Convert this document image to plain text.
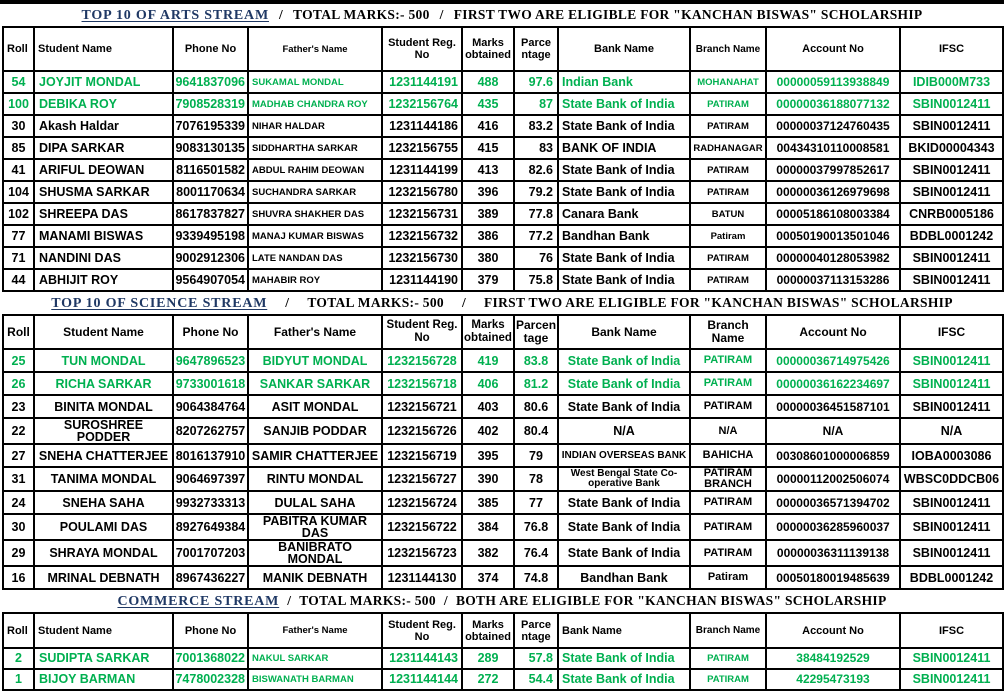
TOP 10 OF ARTS STREAM / TOTAL MARKS:- 500 / FIRST TWO ARE ELIGIBLE FOR "KANCHAN BISWAS" SCHOLARSHIP
Roll	Student Name	Phone No	Father's Name	Student Reg. No	Marks obtained	Parce ntage	Bank Name	Branch Name	Account No	IFSC
54	JOYJIT MONDAL	9641837096	SUKAMAL MONDAL	1231144191	488	97.6	Indian Bank	MOHANAHAT	00000059113938849	IDIB000M733
100	DEBIKA ROY	7908528319	MADHAB CHANDRA ROY	1232156764	435	87	State Bank of India	PATIRAM	00000036188077132	SBIN0012411
30	Akash Haldar	7076195339	NIHAR HALDAR	1231144186	416	83.2	State Bank of India	PATIRAM	00000037124760435	SBIN0012411
85	DIPA SARKAR	9083130135	SIDDHARTHA SARKAR	1232156755	415	83	BANK OF INDIA	RADHANAGAR	00434310110008581	BKID00004343
41	ARIFUL DEOWAN	8116501582	ABDUL RAHIM DEOWAN	1231144199	413	82.6	State Bank of India	PATIRAM	00000037997852617	SBIN0012411
104	SHUSMA SARKAR	8001170634	SUCHANDRA SARKAR	1232156780	396	79.2	State Bank of India	PATIRAM	00000036126979698	SBIN0012411
102	SHREEPA DAS	8617837827	SHUVRA SHAKHER DAS	1232156731	389	77.8	Canara Bank	BATUN	00005186108003384	CNRB0005186
77	MANAMI BISWAS	9339495198	MANAJ KUMAR BISWAS	1232156732	386	77.2	Bandhan Bank	Patiram	00050190013501046	BDBL0001242
71	NANDINI DAS	9002912306	LATE NANDAN DAS	1232156730	380	76	State Bank of India	PATIRAM	00000040128053982	SBIN0012411
44	ABHIJIT ROY	9564907054	MAHABIR ROY	1231144190	379	75.8	State Bank of India	PATIRAM	00000037113153286	SBIN0012411
TOP 10 OF SCIENCE STREAM / TOTAL MARKS:- 500 / FIRST TWO ARE ELIGIBLE FOR "KANCHAN BISWAS" SCHOLARSHIP
Roll	Student Name	Phone No	Father's Name	Student Reg. No	Marks obtained	Parcen tage	Bank Name	Branch Name	Account No	IFSC
25	TUN MONDAL	9647896523	BIDYUT MONDAL	1232156728	419	83.8	State Bank of India	PATIRAM	00000036714975426	SBIN0012411
26	RICHA SARKAR	9733001618	SANKAR SARKAR	1232156718	406	81.2	State Bank of India	PATIRAM	00000036162234697	SBIN0012411
23	BINITA MONDAL	9064384764	ASIT MONDAL	1232156721	403	80.6	State Bank of India	PATIRAM	00000036451587101	SBIN0012411
22	SUROSHREE PODDER	8207262757	SANJIB PODDAR	1232156726	402	80.4	N/A	N/A	N/A	N/A
27	SNEHA CHATTERJEE	8016137910	SAMIR CHATTERJEE	1232156719	395	79	INDIAN OVERSEAS BANK	BAHICHA	00308601000006859	IOBA0003086
31	TANIMA MONDAL	9064697397	RINTU MONDAL	1232156727	390	78	West Bengal State Co-operative Bank	PATIRAM BRANCH	00000112002506074	WBSC0DDCB06
24	SNEHA SAHA	9932733313	DULAL SAHA	1232156724	385	77	State Bank of India	PATIRAM	00000036571394702	SBIN0012411
30	POULAMI DAS	8927649384	PABITRA KUMAR DAS	1232156722	384	76.8	State Bank of India	PATIRAM	00000036285960037	SBIN0012411
29	SHRAYA MONDAL	7001707203	BANIBRATO MONDAL	1232156723	382	76.4	State Bank of India	PATIRAM	00000036311139138	SBIN0012411
16	MRINAL DEBNATH	8967436227	MANIK DEBNATH	1231144130	374	74.8	Bandhan Bank	Patiram	00050180019485639	BDBL0001242
COMMERCE STREAM / TOTAL MARKS:- 500 / BOTH ARE ELIGIBLE FOR "KANCHAN BISWAS" SCHOLARSHIP
Roll	Student Name	Phone No	Father's Name	Student Reg. No	Marks obtained	Parce ntage	Bank Name	Branch Name	Account No	IFSC
2	SUDIPTA SARKAR	7001368022	NAKUL SARKAR	1231144143	289	57.8	State Bank of India	PATIRAM	38484192529	SBIN0012411
1	BIJOY BARMAN	7478002328	BISWANATH BARMAN	1231144144	272	54.4	State Bank of India	PATIRAM	42295473193	SBIN0012411
